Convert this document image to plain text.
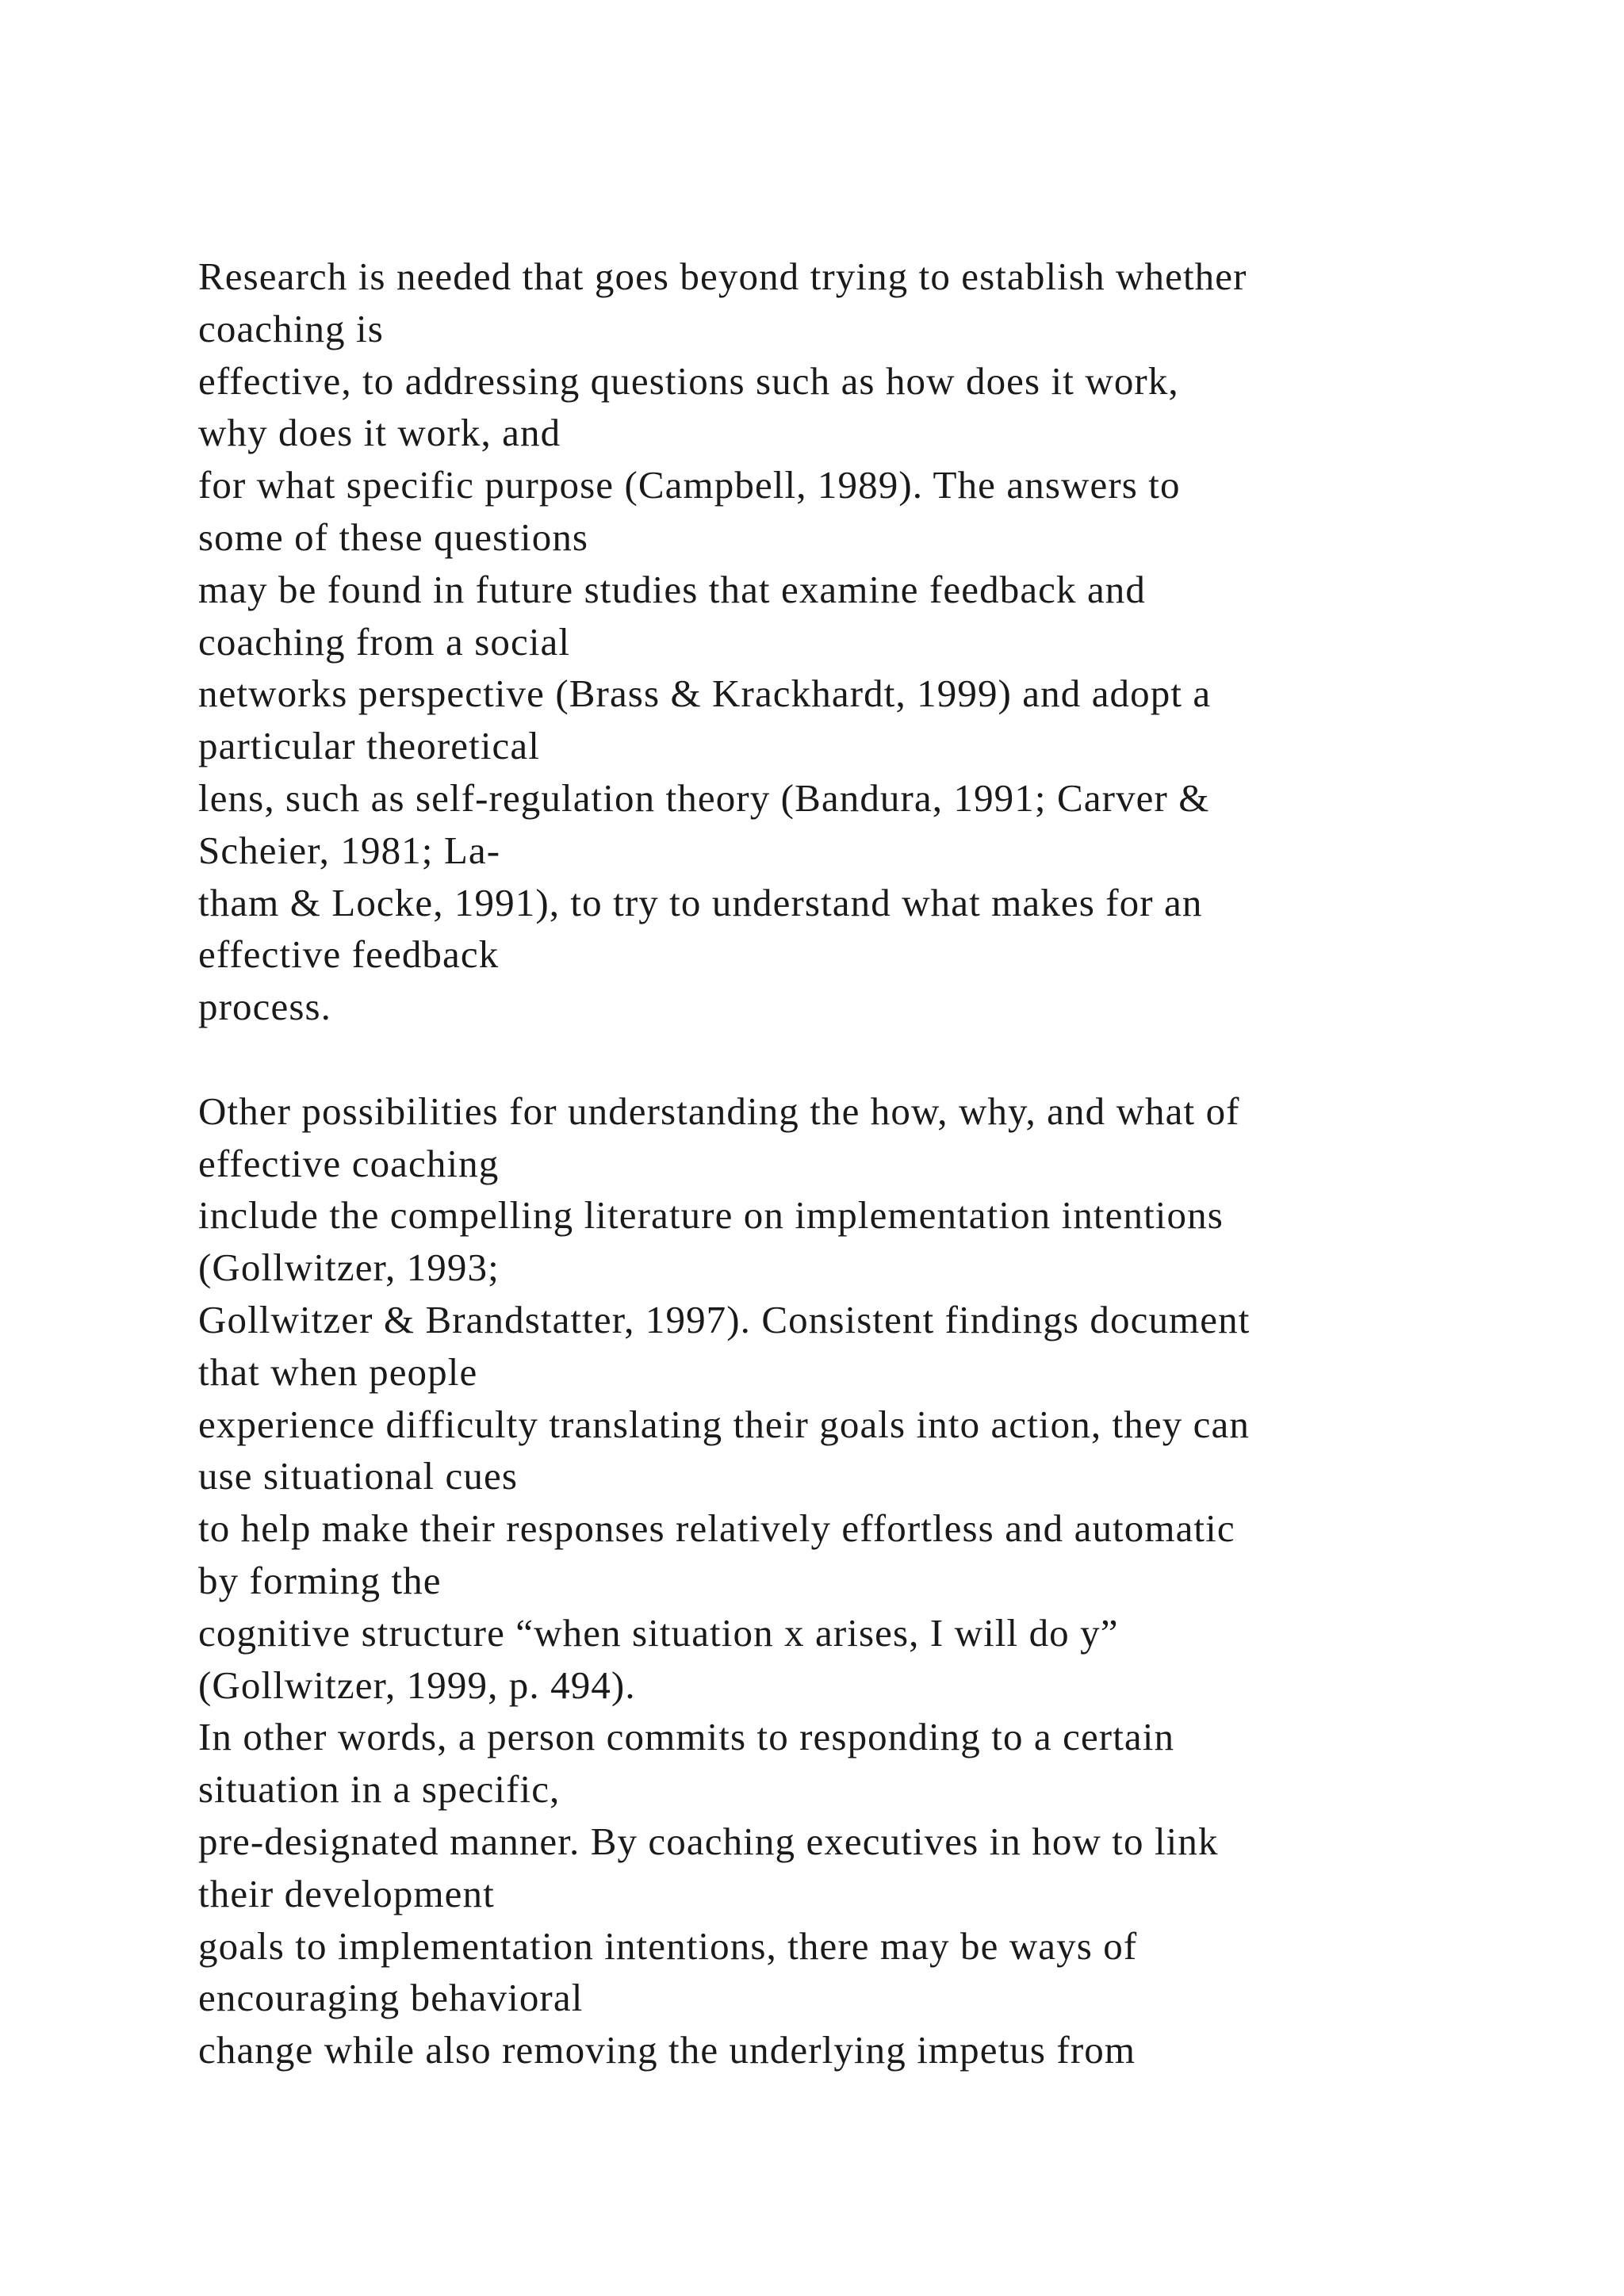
Research is needed that goes beyond trying to establish whether
coaching is
effective, to addressing questions such as how does it work,
why does it work, and
for what specific purpose (Campbell, 1989). The answers to
some of these questions
may be found in future studies that examine feedback and
coaching from a social
networks perspective (Brass & Krackhardt, 1999) and adopt a
particular theoretical
lens, such as self-regulation theory (Bandura, 1991; Carver &
Scheier, 1981; La-
tham & Locke, 1991), to try to understand what makes for an
effective feedback
process.
Other possibilities for understanding the how, why, and what of
effective coaching
include the compelling literature on implementation intentions
(Gollwitzer, 1993;
Gollwitzer & Brandstatter, 1997). Consistent findings document
that when people
experience difficulty translating their goals into action, they can
use situational cues
to help make their responses relatively effortless and automatic
by forming the
cognitive structure “when situation x arises, I will do y”
(Gollwitzer, 1999, p. 494).
In other words, a person commits to responding to a certain
situation in a specific,
pre-designated manner. By coaching executives in how to link
their development
goals to implementation intentions, there may be ways of
encouraging behavioral
change while also removing the underlying impetus from
